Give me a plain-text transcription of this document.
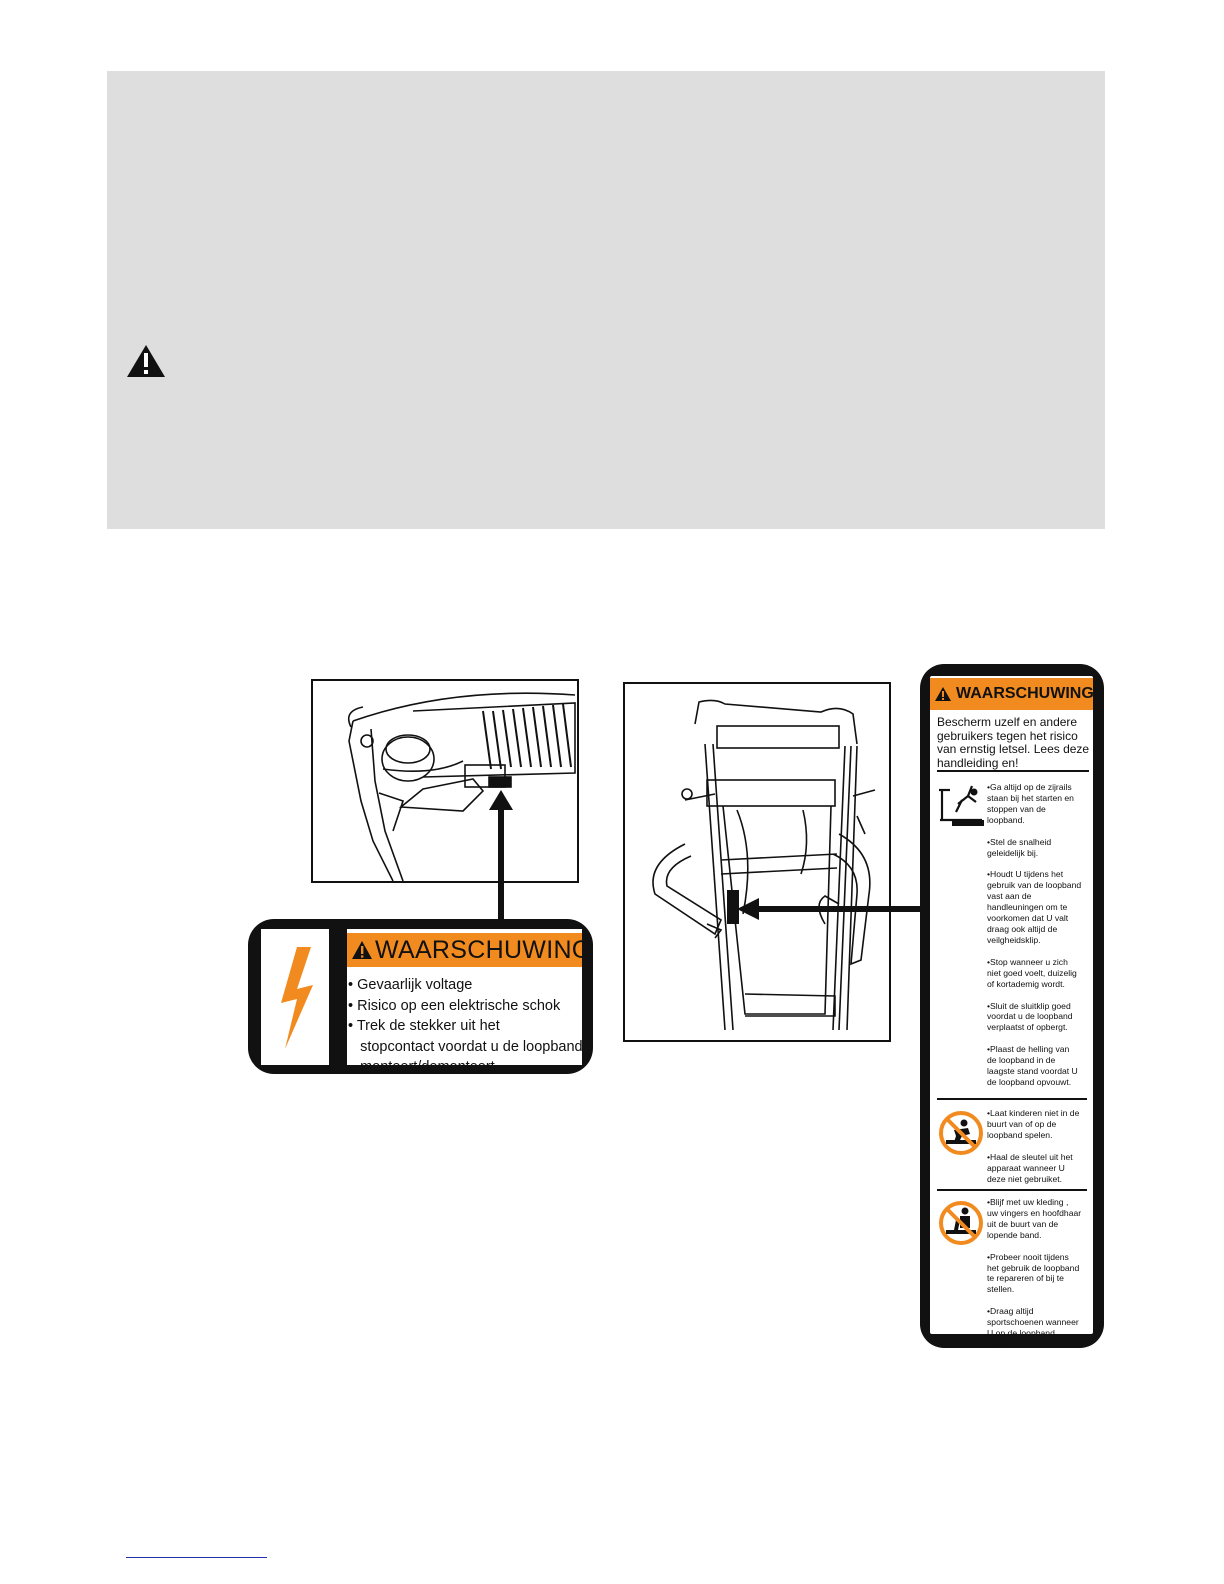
WAARSCHUWING
• Gevaarlijk voltage
• Risico op een elektrische schok
• Trek de stekker uit het
stopcontact voordat u de loopband
monteert/demonteert.
WAARSCHUWING:
Bescherm uzelf en andere
gebruikers tegen het risico
van ernstig letsel. Lees deze
handleiding en!

•Ga altijd op de zijrails
staan bij het starten en
stoppen van de
loopband.

•Stel de snalheid
geleidelijk bij.

•Houdt U tijdens het
gebruik van de loopband
vast aan de
handleuningen om te
voorkomen dat U valt
draag ook altijd de
veilgheidsklip.

•Stop wanneer u zich
niet goed voelt, duizelig
of kortademig wordt.

•Sluit de sluitklip goed
voordat u de loopband
verplaatst of opbergt.

•Plaast de helling van
de loopband in de
laagste stand voordat U
de loopband opvouwt.

•Laat kinderen niet in de
buurt van of op de
loopband spelen.

•Haal de sleutel uit het
apparaat wanneer U
deze niet gebruiket.

•Blijf met uw kleding ,
uw vingers en hoofdhaar
uit de buurt van de
lopende band.

•Probeer nooit tijdens
het gebruik de loopband
te repareren of bij te
stellen.

•Draag altijd
sportschoenen wanneer
U op de loopband
oefent.
